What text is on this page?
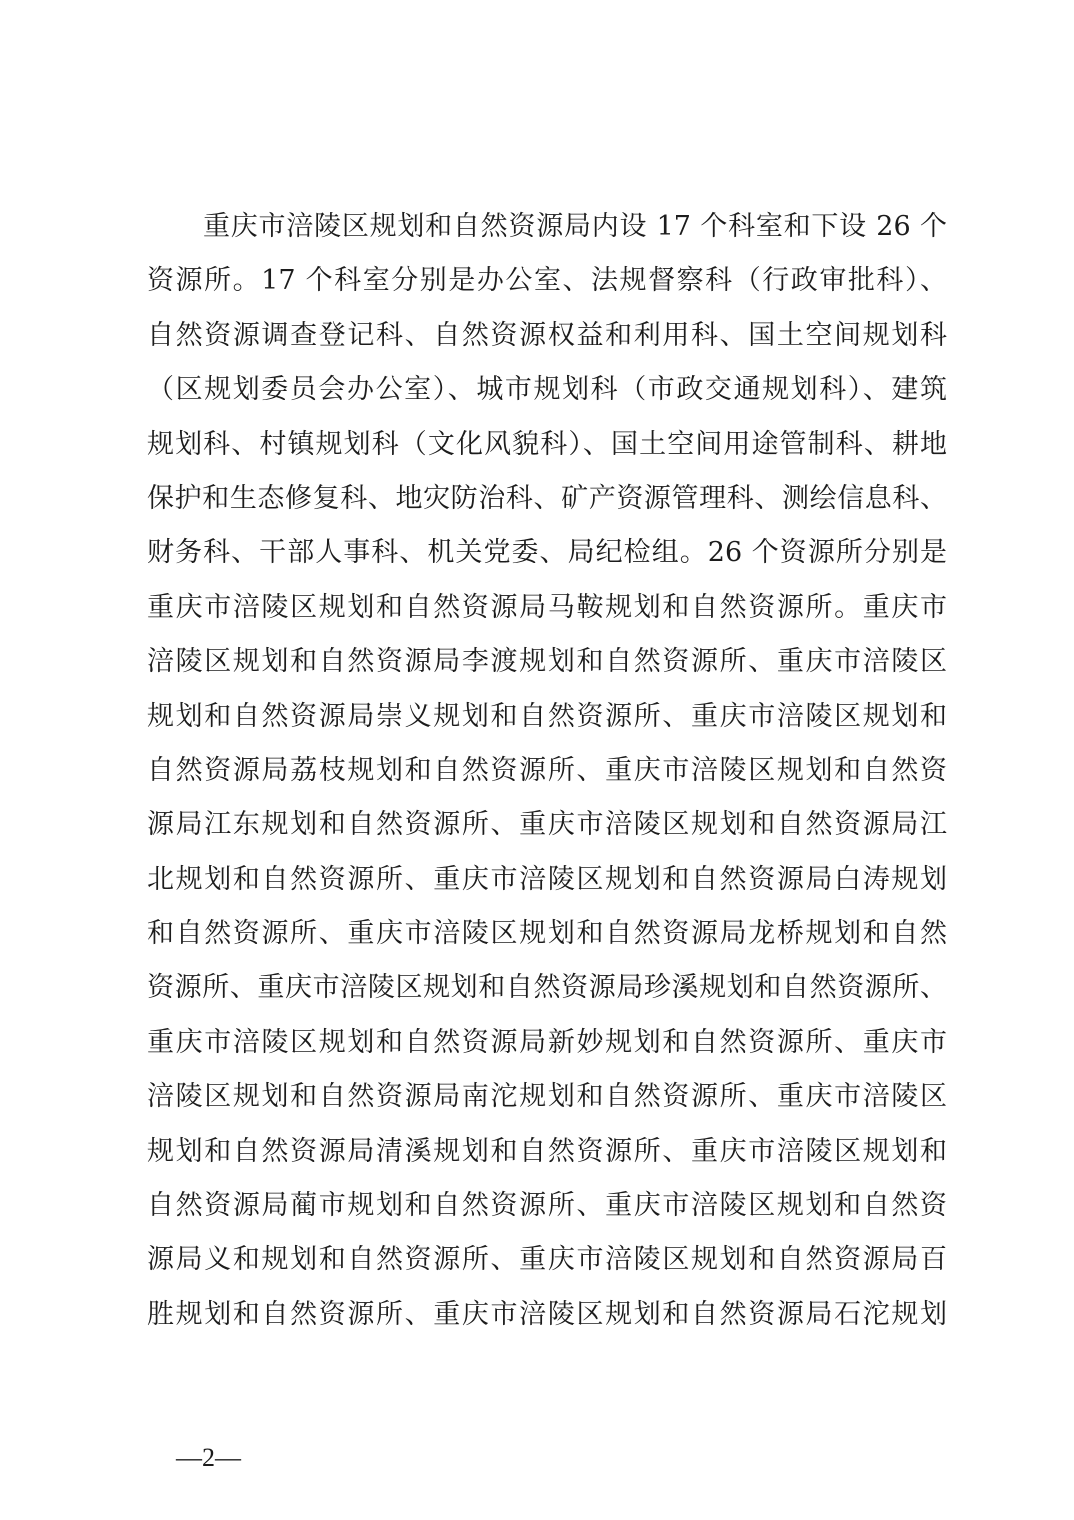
重庆市涪陵区规划和自然资源局内设 17 个科室和下设 26 个
资源所。17 个科室分别是办公室、法规督察科（行政审批科）、
自然资源调查登记科、自然资源权益和利用科、国土空间规划科
（区规划委员会办公室）、城市规划科（市政交通规划科）、建筑
规划科、村镇规划科（文化风貌科）、国土空间用途管制科、耕地
保护和生态修复科、地灾防治科、矿产资源管理科、测绘信息科、
财务科、干部人事科、机关党委、局纪检组。26 个资源所分别是
重庆市涪陵区规划和自然资源局马鞍规划和自然资源所。重庆市
涪陵区规划和自然资源局李渡规划和自然资源所、重庆市涪陵区
规划和自然资源局崇义规划和自然资源所、重庆市涪陵区规划和
自然资源局荔枝规划和自然资源所、重庆市涪陵区规划和自然资
源局江东规划和自然资源所、重庆市涪陵区规划和自然资源局江
北规划和自然资源所、重庆市涪陵区规划和自然资源局白涛规划
和自然资源所、重庆市涪陵区规划和自然资源局龙桥规划和自然
资源所、重庆市涪陵区规划和自然资源局珍溪规划和自然资源所、
重庆市涪陵区规划和自然资源局新妙规划和自然资源所、重庆市
涪陵区规划和自然资源局南沱规划和自然资源所、重庆市涪陵区
规划和自然资源局清溪规划和自然资源所、重庆市涪陵区规划和
自然资源局蔺市规划和自然资源所、重庆市涪陵区规划和自然资
源局义和规划和自然资源所、重庆市涪陵区规划和自然资源局百
胜规划和自然资源所、重庆市涪陵区规划和自然资源局石沱规划
—2—
